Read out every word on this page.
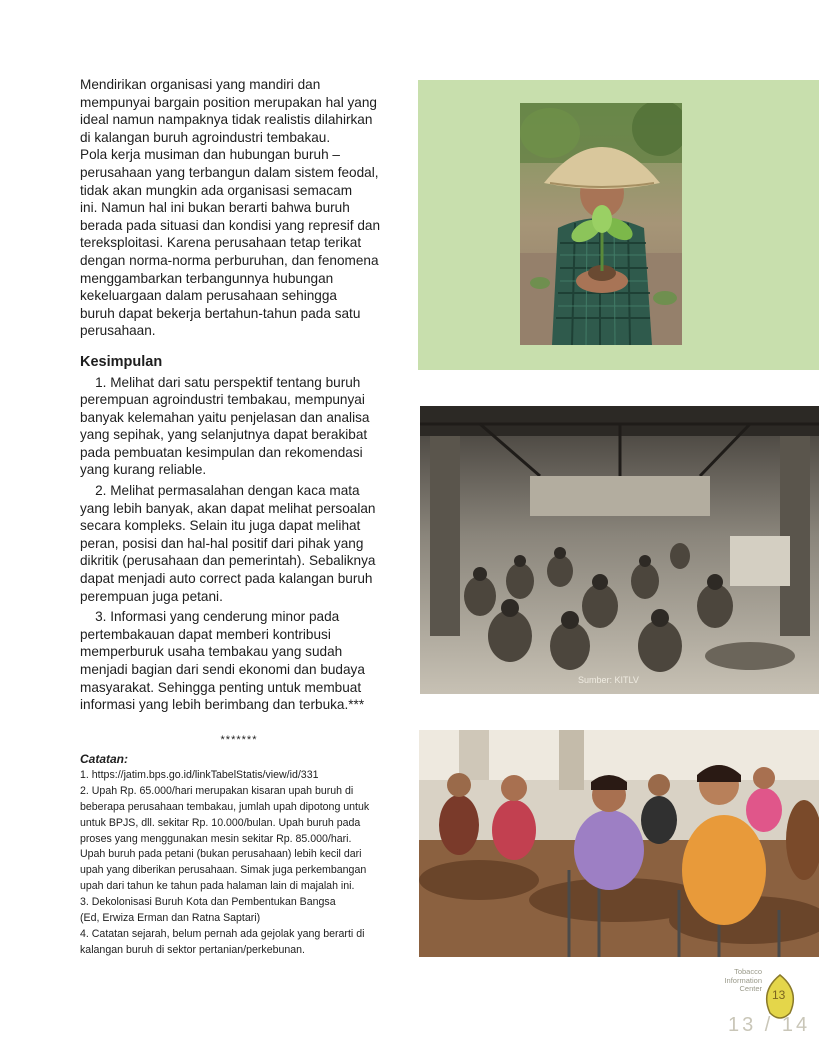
Mendirikan organisasi yang mandiri dan
mempunyai bargain position merupakan hal yang
ideal namun nampaknya tidak realistis dilahirkan
di kalangan buruh agroindustri tembakau.
Pola kerja musiman dan hubungan buruh –
perusahaan yang terbangun dalam sistem feodal,
tidak akan mungkin ada organisasi semacam
ini. Namun hal ini bukan berarti bahwa buruh
berada pada situasi dan kondisi yang represif dan
tereksploitasi. Karena perusahaan tetap terikat
dengan norma-norma perburuhan, dan fenomena
menggambarkan terbangunnya hubungan
kekeluargaan dalam perusahaan sehingga
buruh dapat bekerja bertahun-tahun pada satu
perusahaan.

Kesimpulan

1. Melihat dari satu perspektif tentang buruh
perempuan agroindustri tembakau, mempunyai
banyak kelemahan yaitu penjelasan dan analisa
yang sepihak, yang selanjutnya dapat berakibat
pada pembuatan kesimpulan dan rekomendasi
yang kurang reliable.

2. Melihat permasalahan dengan kaca mata
yang lebih banyak, akan dapat melihat persoalan
secara kompleks. Selain itu juga dapat melihat
peran, posisi dan hal-hal positif dari pihak yang
dikritik (perusahaan dan pemerintah). Sebaliknya
dapat menjadi auto correct pada kalangan buruh
perempuan juga petani.

3. Informasi yang cenderung minor pada
pertembakauan dapat memberi kontribusi
memperburuk usaha tembakau yang sudah
menjadi bagian dari sendi ekonomi dan budaya
masyarakat. Sehingga penting untuk membuat
informasi yang lebih berimbang dan terbuka.***

*******

Catatan:

1. https://jatim.bps.go.id/linkTabelStatis/view/id/331

2. Upah Rp. 65.000/hari merupakan kisaran upah buruh di

beberapa perusahaan tembakau, jumlah upah dipotong untuk

untuk BPJS, dll. sekitar Rp. 10.000/bulan. Upah buruh pada

proses yang menggunakan mesin sekitar Rp. 85.000/hari.

Upah buruh pada petani (bukan perusahaan) lebih kecil dari

upah yang diberikan perusahaan. Simak juga perkembangan

upah dari tahun ke tahun pada halaman lain di majalah ini.

3. Dekolonisasi Buruh Kota dan Pembentukan Bangsa

(Ed, Erwiza Erman dan Ratna Saptari)

4. Catatan sejarah, belum pernah ada gejolak yang berarti di

kalangan buruh di sektor pertanian/perkebunan.

Sumber: KITLV
Tobacco
Information
Center 13
13 / 14
